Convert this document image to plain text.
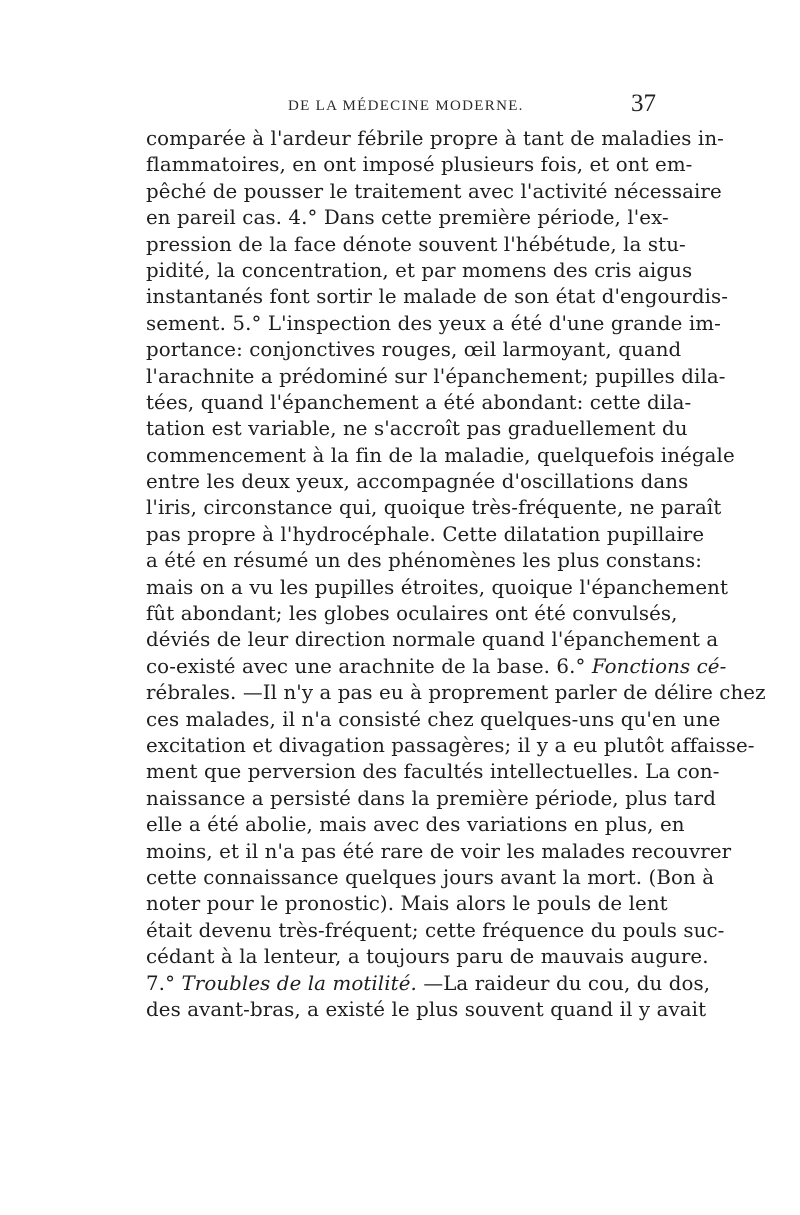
DE LA MÉDECINE MODERNE.	37
comparée à l'ardeur fébrile propre à tant de maladies in-
flammatoires, en ont imposé plusieurs fois, et ont em-
pêché de pousser le traitement avec l'activité nécessaire
en pareil cas. 4.° Dans cette première période, l'ex-
pression de la face dénote souvent l'hébétude, la stu-
pidité, la concentration, et par momens des cris aigus
instantanés font sortir le malade de son état d'engourdis-
sement. 5.° L'inspection des yeux a été d'une grande im-
portance: conjonctives rouges, œil larmoyant, quand
l'arachnite a prédominé sur l'épanchement; pupilles dila-
tées, quand l'épanchement a été abondant: cette dila-
tation est variable, ne s'accroît pas graduellement du
commencement à la fin de la maladie, quelquefois inégale
entre les deux yeux, accompagnée d'oscillations dans
l'iris, circonstance qui, quoique très-fréquente, ne paraît
pas propre à l'hydrocéphale. Cette dilatation pupillaire
a été en résumé un des phénomènes les plus constans:
mais on a vu les pupilles étroites, quoique l'épanchement
fût abondant; les globes oculaires ont été convulsés,
déviés de leur direction normale quand l'épanchement a
co-existé avec une arachnite de la base. 6.° Fonctions cé-
rébrales. —Il n'y a pas eu à proprement parler de délire chez
ces malades, il n'a consisté chez quelques-uns qu'en une
excitation et divagation passagères; il y a eu plutôt affaisse-
ment que perversion des facultés intellectuelles. La con-
naissance a persisté dans la première période, plus tard
elle a été abolie, mais avec des variations en plus, en
moins, et il n'a pas été rare de voir les malades recouvrer
cette connaissance quelques jours avant la mort. (Bon à
noter pour le pronostic). Mais alors le pouls de lent
était devenu très-fréquent; cette fréquence du pouls suc-
cédant à la lenteur, a toujours paru de mauvais augure.
7.° Troubles de la motilité. —La raideur du cou, du dos,
des avant-bras, a existé le plus souvent quand il y avait
